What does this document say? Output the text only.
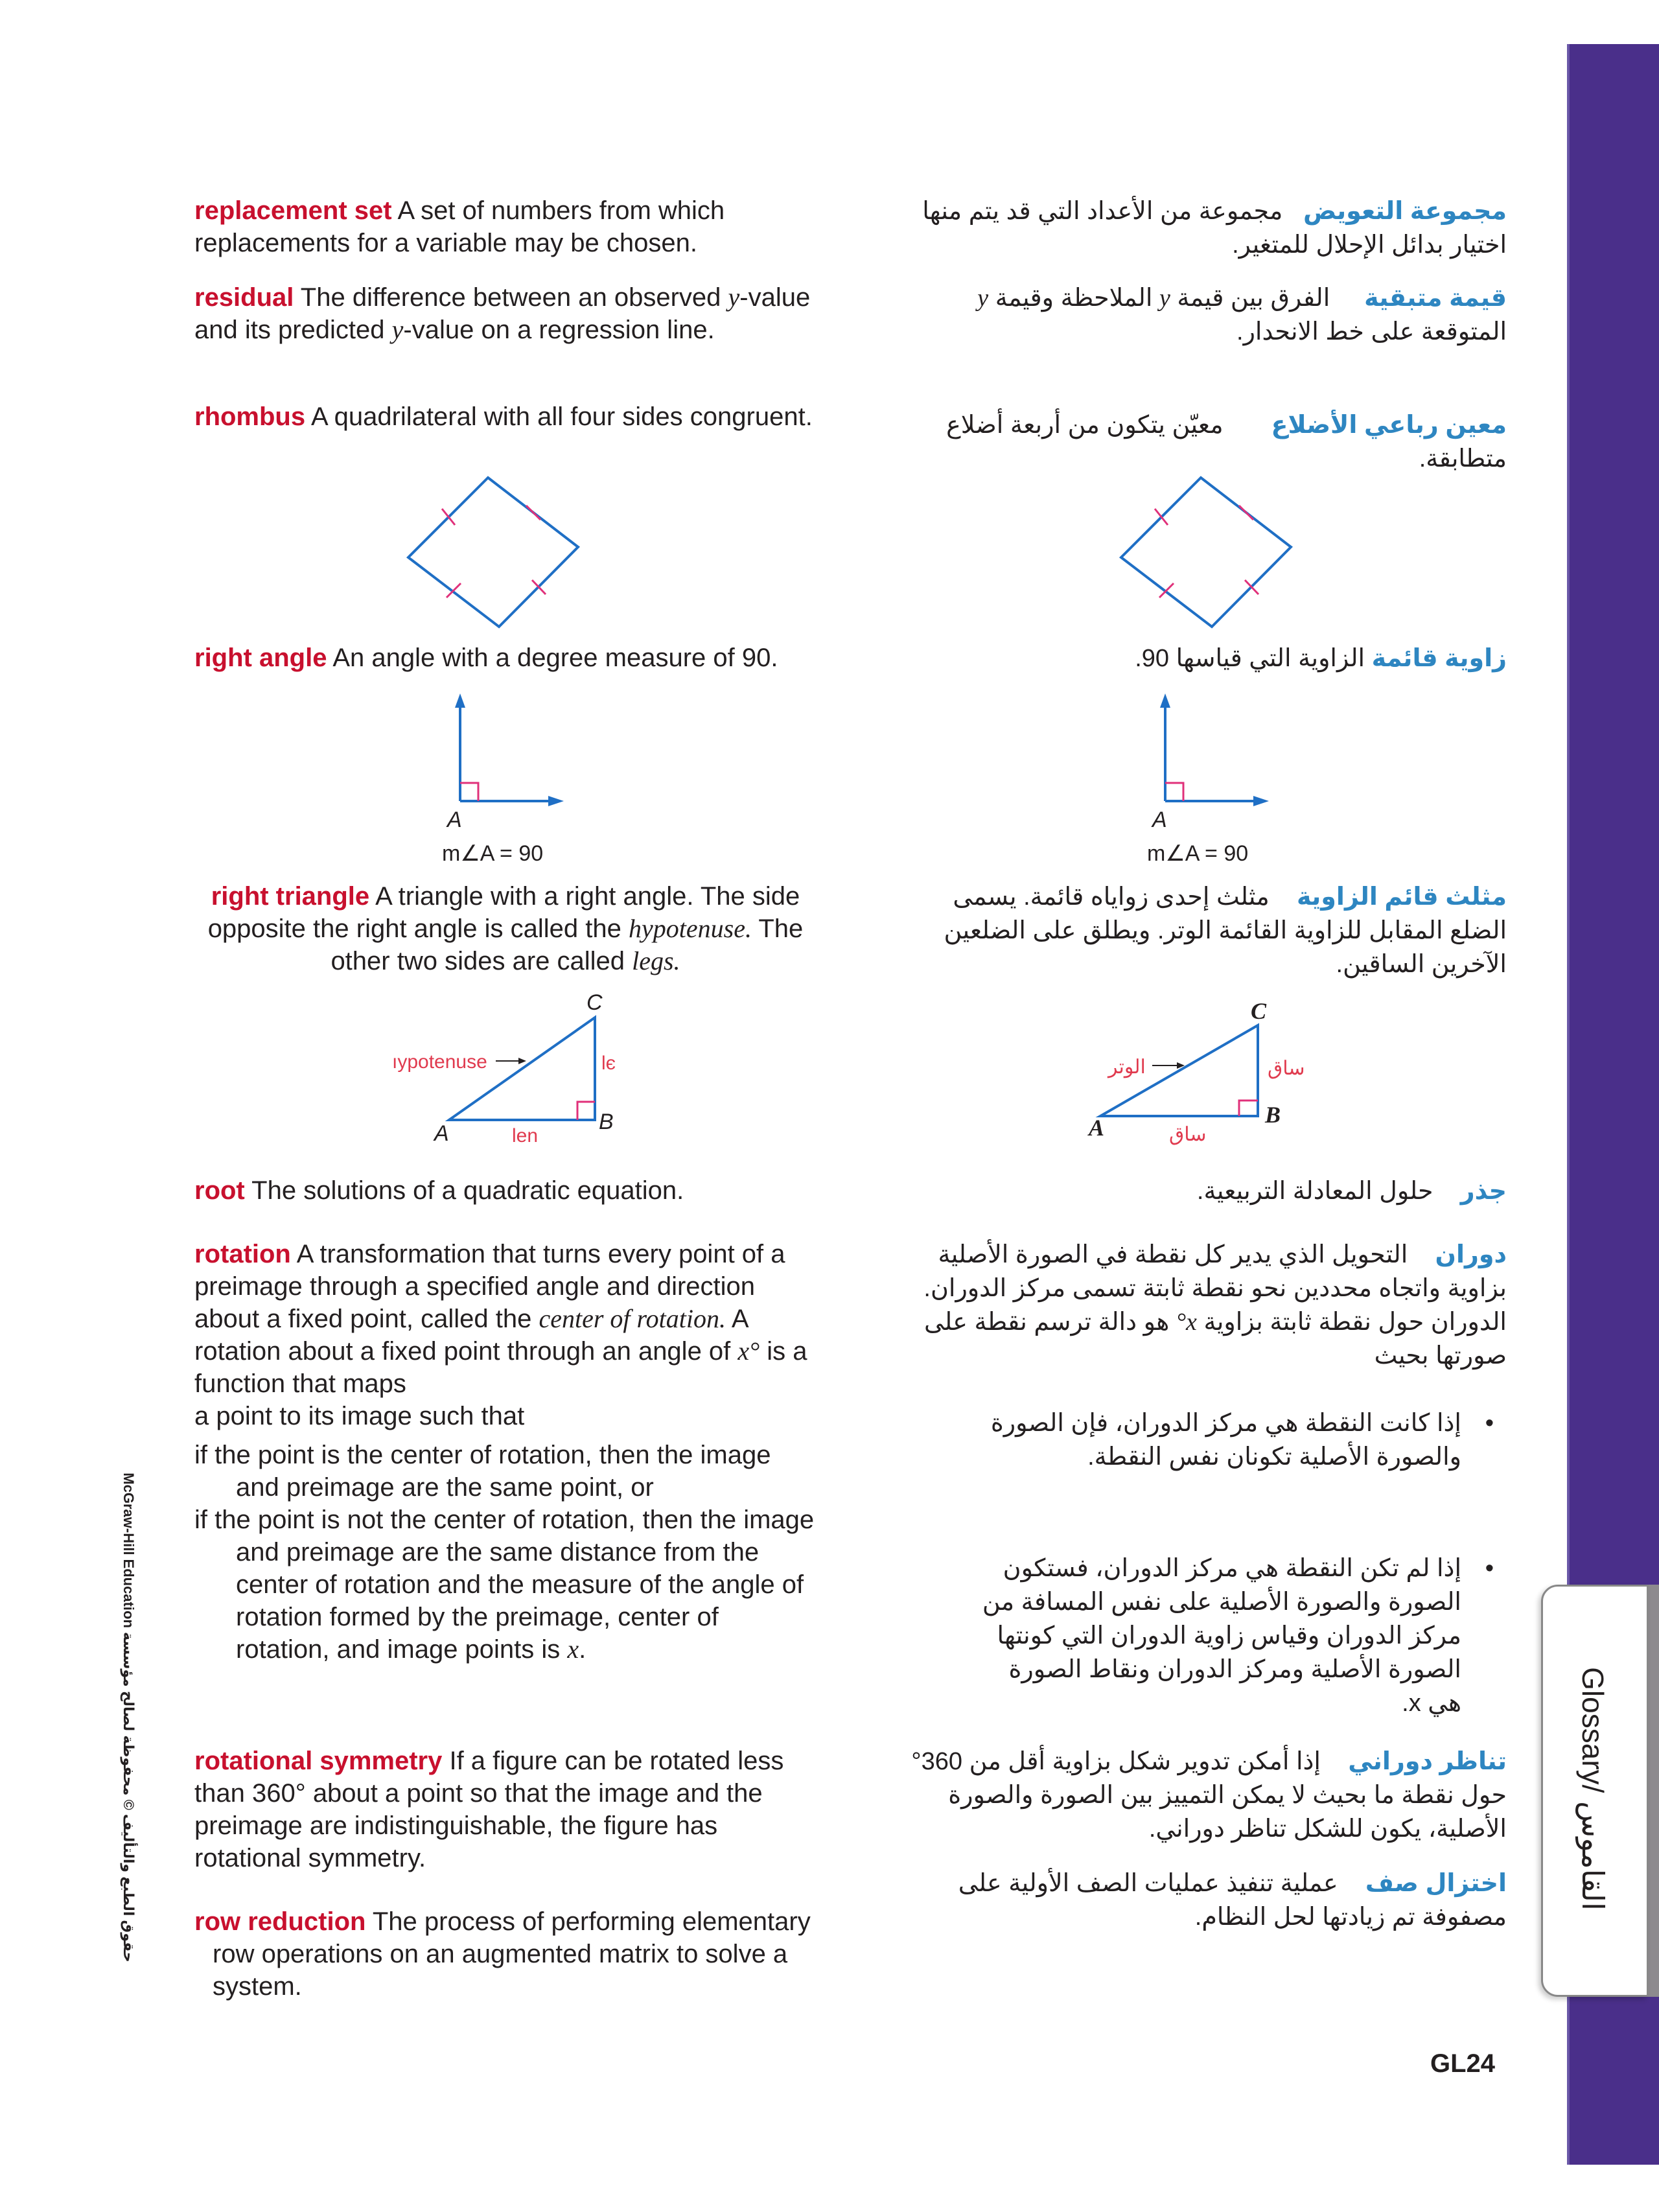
Glossary/ القاموس
McGraw-Hill Education حقوق الطبع والتأليف © محفوظة لصالح مؤسسة
GL24
replacement set A set of numbers from which replacements for a variable may be chosen.
residual The difference between an observed y-value and its predicted y-value on a regression line.
rhombus A quadrilateral with all four sides congruent.
right angle An angle with a degree measure of 90.
right triangle A triangle with a right angle. The side opposite the right angle is called the hypotenuse. The other two sides are called legs.
root The solutions of a quadratic equation.
rotation A transformation that turns every point of a preimage through a specified angle and direction about a fixed point, called the center of rotation. A rotation about a fixed point through an angle of x° is a function that maps
a point to its image such that
if the point is the center of rotation, then the image and preimage are the same point, or
if the point is not the center of rotation, then the image and preimage are the same distance from the center of rotation and the measure of the angle of rotation formed by the preimage, center of rotation, and image points is x.
rotational symmetry If a figure can be rotated less than 360° about a point so that the image and the preimage are indistinguishable, the figure has rotational symmetry.
row reduction The process of performing elementary row operations on an augmented matrix to solve a system.
مجموعة التعويض   مجموعة من الأعداد التي قد يتم منها اختيار بدائل الإحلال للمتغير.
قيمة متبقية     الفرق بين قيمة y الملاحظة وقيمة y المتوقعة على خط الانحدار.
معين رباعي الأضلاع       معيّن يتكون من أربعة أضلاع متطابقة.
زاوية قائمة الزاوية التي قياسها 90.
مثلث قائم الزاوية    مثلث إحدى زواياه قائمة. يسمى الضلع المقابل للزاوية القائمة الوتر. ويطلق على الضلعين الآخرين الساقين.
جذر    حلول المعادلة التربيعية.
دوران    التحويل الذي يدير كل نقطة في الصورة الأصلية بزاوية واتجاه محددين نحو نقطة ثابتة تسمى مركز الدوران. الدوران حول نقطة ثابتة بزاوية x° هو دالة ترسم نقطة على صورتها بحيث
• إذا كانت النقطة هي مركز الدوران، فإن الصورة والصورة الأصلية تكونان نفس النقطة.
• إذا لم تكن النقطة هي مركز الدوران، فستكون الصورة والصورة الأصلية على نفس المسافة من مركز الدوران وقياس زاوية الدوران التي كونتها الصورة الأصلية ومركز الدوران ونقاط الصورة هي x.
تناظر دوراني    إذا أمكن تدوير شكل بزاوية أقل من 360° حول نقطة ما بحيث لا يمكن التمييز بين الصورة والصورة الأصلية، يكون للشكل تناظر دوراني.
اختزال صف    عملية تنفيذ عمليات الصف الأولية على مصفوفة تم زيادتها لحل النظام.
A
m∠A = 90
A
m∠A = 90
ıypotenuse	lє
len
A	B
C
الوتر	ساق
ساق
A	B
C
